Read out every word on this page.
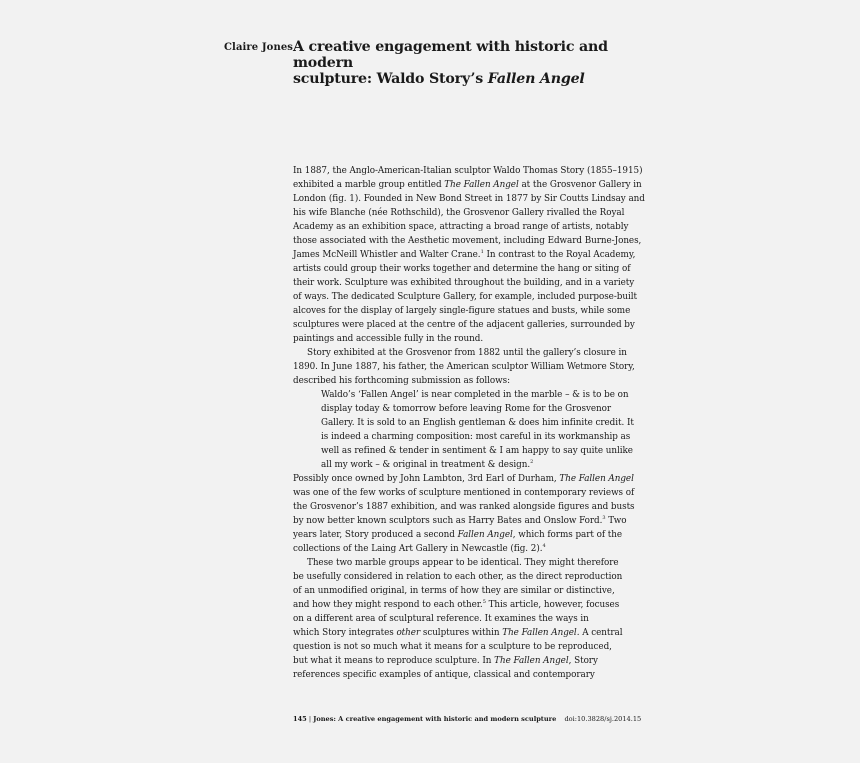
Claire Jones A creative engagement with historic and modern
sculpture: Waldo Story’s Fallen Angel
In 1887, the Anglo-American-Italian sculptor Waldo Thomas Story (1855–1915)
exhibited a marble group entitled The Fallen Angel at the Grosvenor Gallery in
London (fig. 1). Founded in New Bond Street in 1877 by Sir Coutts Lindsay and
his wife Blanche (née Rothschild), the Grosvenor Gallery rivalled the Royal
Academy as an exhibition space, attracting a broad range of artists, notably
those associated with the Aesthetic movement, including Edward Burne-Jones,
James McNeill Whistler and Walter Crane.$^1$ In contrast to the Royal Academy,
artists could group their works together and determine the hang or siting of
their work. Sculpture was exhibited throughout the building, and in a variety
of ways. The dedicated Sculpture Gallery, for example, included purpose-built
alcoves for the display of largely single-figure statues and busts, while some
sculptures were placed at the centre of the adjacent galleries, surrounded by
paintings and accessible fully in the round.
Story exhibited at the Grosvenor from 1882 until the gallery’s closure in
1890. In June 1887, his father, the American sculptor William Wetmore Story,
described his forthcoming submission as follows:
Waldo’s ‘Fallen Angel’ is near completed in the marble – & is to be on
display today & tomorrow before leaving Rome for the Grosvenor
Gallery. It is sold to an English gentleman & does him infinite credit. It
is indeed a charming composition: most careful in its workmanship as
well as refined & tender in sentiment & I am happy to say quite unlike
all my work – & original in treatment & design.$^2$
Possibly once owned by John Lambton, 3rd Earl of Durham, The Fallen Angel
was one of the few works of sculpture mentioned in contemporary reviews of
the Grosvenor’s 1887 exhibition, and was ranked alongside figures and busts
by now better known sculptors such as Harry Bates and Onslow Ford.$^3$ Two
years later, Story produced a second Fallen Angel, which forms part of the
collections of the Laing Art Gallery in Newcastle (fig. 2).$^4$
These two marble groups appear to be identical. They might therefore
be usefully considered in relation to each other, as the direct reproduction
of an unmodified original, in terms of how they are similar or distinctive,
and how they might respond to each other.$^5$ This article, however, focuses
on a different area of sculptural reference. It examines the ways in
which Story integrates other sculptures within The Fallen Angel. A central
question is not so much what it means for a sculpture to be reproduced,
but what it means to reproduce sculpture. In The Fallen Angel, Story
references specific examples of antique, classical and contemporary
145 | Jones: A creative engagement with historic and modern sculpture doi:10.3828/sj.2014.15
